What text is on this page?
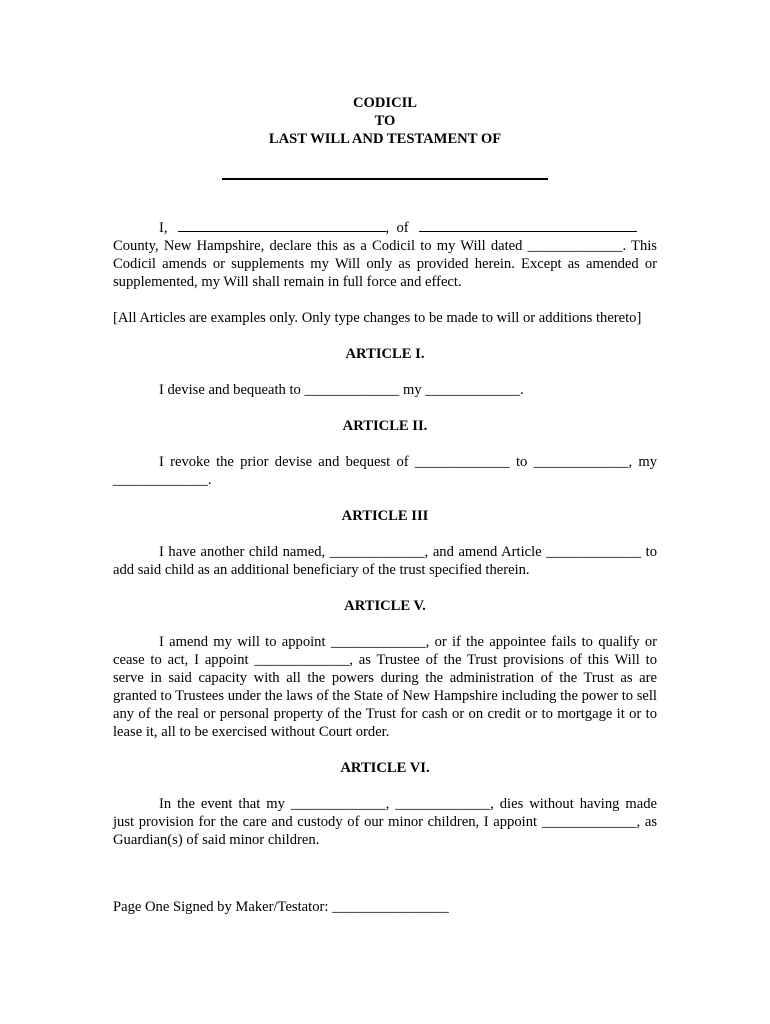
CODICIL
TO
LAST WILL AND TESTAMENT OF
I,	,  of
County, New Hampshire, declare this as a Codicil to my Will dated _____________. This Codicil amends or supplements my Will only as provided herein. Except as amended or supplemented, my Will shall remain in full force and effect.
[All Articles are examples only. Only type changes to be made to will or additions thereto]
ARTICLE I.
I devise and bequeath to _____________ my _____________.
ARTICLE II.
I revoke the prior devise and bequest of _____________ to _____________, my _____________.
ARTICLE III
I have another child named, _____________, and amend Article _____________ to add said child as an additional beneficiary of the trust specified therein.
ARTICLE V.
I amend my will to appoint _____________, or if the appointee fails to qualify or cease to act, I appoint _____________, as Trustee of the Trust provisions of this Will to serve in said capacity with all the powers during the administration of the Trust as are granted to Trustees under the laws of the State of New Hampshire including the power to sell any of the real or personal property of the Trust for cash or on credit or to mortgage it or to lease it, all to be exercised without Court order.
ARTICLE VI.
In the event that my _____________, _____________, dies without having made just provision for the care and custody of our minor children, I appoint _____________, as Guardian(s) of said minor children.
Page One Signed by Maker/Testator: ________________
